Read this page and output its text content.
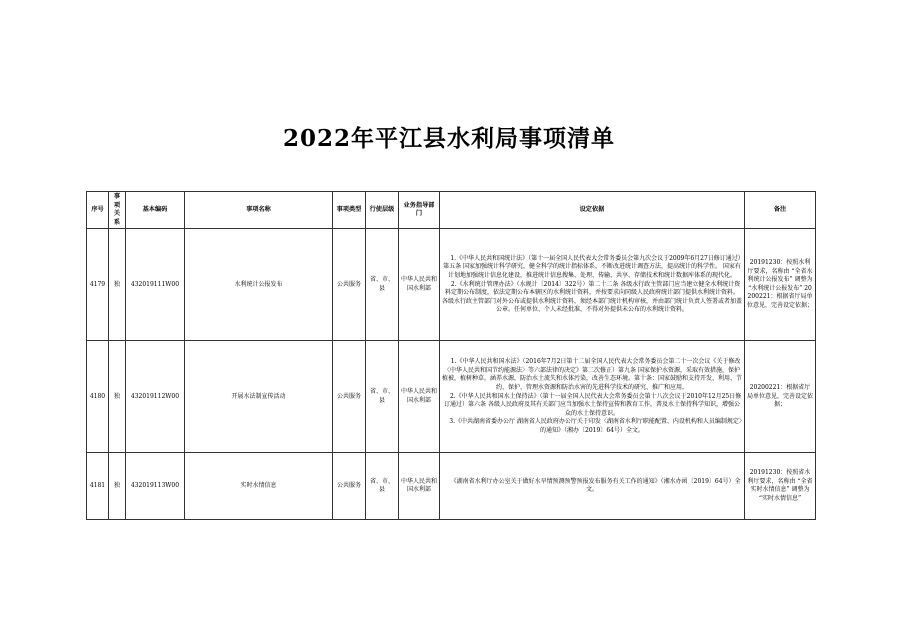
2022年平江县水利局事项清单
序号	事项关系	基本编码	事项名称	事项类型	行使层级	业务指导部门	设定依据	备注
4179	独	432019111W00	水利统计公报发布	公共服务	省、市、县	中华人民共和国水利部	1.《中华人民共和国统计法》（第十一届全国人民代表大会常务委员会第九次会议于2009年6月27日修订通过）第五条 国家加强统计科学研究，健全科学的统计指标体系，不断改进统计调查方法，提高统计的科学性。 国家有计划地加强统计信息化建设，推进统计信息搜集、处理、传输、共享、存储技术和统计数据库体系的现代化。

2.《水利统计管理办法》（水规计〔2014〕322号）第二十二条 各级水行政主管部门应当建立健全水利统计资料定期公布制度，依法定期公布本辖区的水利统计资料，并按要求向同级人民政府统计部门提供水利统计资料。 各级水行政主管部门对外公布或提供水利统计资料，须经本部门统计机构审核，并由部门统计负责人签署或者加盖公章。任何单位、个人未经批准，不得对外提供未公布的水利统计资料。	20191230：按照水利厅要求，名称由 “全省水利统计公报发布” 调整为 “水利统计公报发布” 20200221：根据省厅局单位意见，完善设定依据；
4180	独	432019112W00	开展水法制宣传活动	公共服务	省、市、县	中华人民共和国水利部	1.《中华人民共和国水法》（2016年7月2日第十二届全国人民代表大会常务委员会第二十一次会议《关于修改〈中华人民共和国节约能源法〉等六部法律的决定》第二次修正）第九条 国家保护水资源，采取有效措施，保护植被，植树种草，涵养水源，防治水土流失和水体污染，改善生态环境。第十条：国家鼓励和支持开发、利用、节约、保护、管理水资源和防治水害的先进科学技术的研究、推广和应用。

2.《中华人民共和国水土保持法》（第十一届全国人民代表大会常务委员会第十八次会议于2010年12月25日修订通过）第六条 各级人民政府及其有关部门应当加强水土保持宣传和教育工作，普及水土保持科学知识，增强公众的水土保持意识。

3.《中共湖南省委办公厅 湖南省人民政府办公厅关于印发〈湖南省水利厅职能配置、内设机构和人员编制规定〉的通知》（湘办〔2019〕64号）全文。	20200221：根据省厅局单位意见，完善设定依据；
4181	独	432019113W00	实时水情信息	公共服务	省、市、县	中华人民共和国水利部	《湖南省水利厅办公室关于做好水旱情预测预警预报发布服务有关工作的通知》（湘水办函〔2019〕64号）全文。	20191230：按照省水利厅要求，名称由 “全省实时水情信息” 调整为 “实时水情信息”
